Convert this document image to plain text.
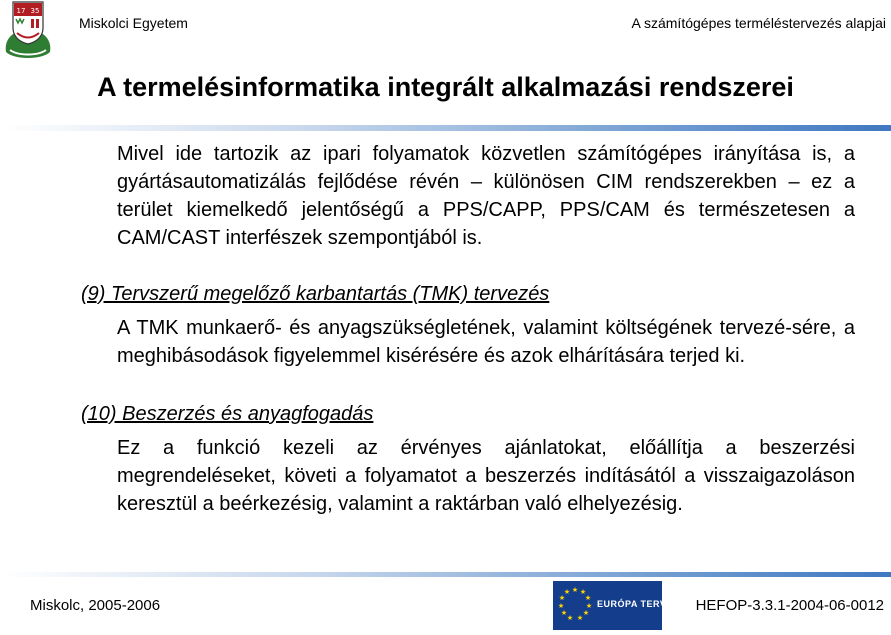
17 35
Miskolci Egyetem	A számítógépes terméléstervezés alapjai
A termelésinformatika integrált alkalmazási rendszerei
Mivel ide tartozik az ipari folyamatok közvetlen számítógépes irányítása is, a gyártásautomatizálás fejlődése révén – különösen CIM rendszerekben – ez a terület kiemelkedő jelentőségű a PPS/CAPP, PPS/CAM és természetesen a CAM/CAST interfészek szempontjából is.
(9) Tervszerű megelőző karbantartás (TMK) tervezés
A TMK munkaerő- és anyagszükségletének, valamint költségének tervezé-sére, a meghibásodások figyelemmel kisérésére és azok elhárítására terjed ki.
(10) Beszerzés és anyagfogadás
Ez a funkció kezeli az érvényes ajánlatokat, előállítja a beszerzési megrendeléseket, követi a folyamatot a beszerzés indításától a visszaigazoláson keresztül a beérkezésig, valamint a raktárban való elhelyezésig.
Miskolc, 2005-2006
★ ★
★
★
★
★
★
★
★
★
★
EURÓPA TERV HEFOP-3.3.1-2004-06-0012
